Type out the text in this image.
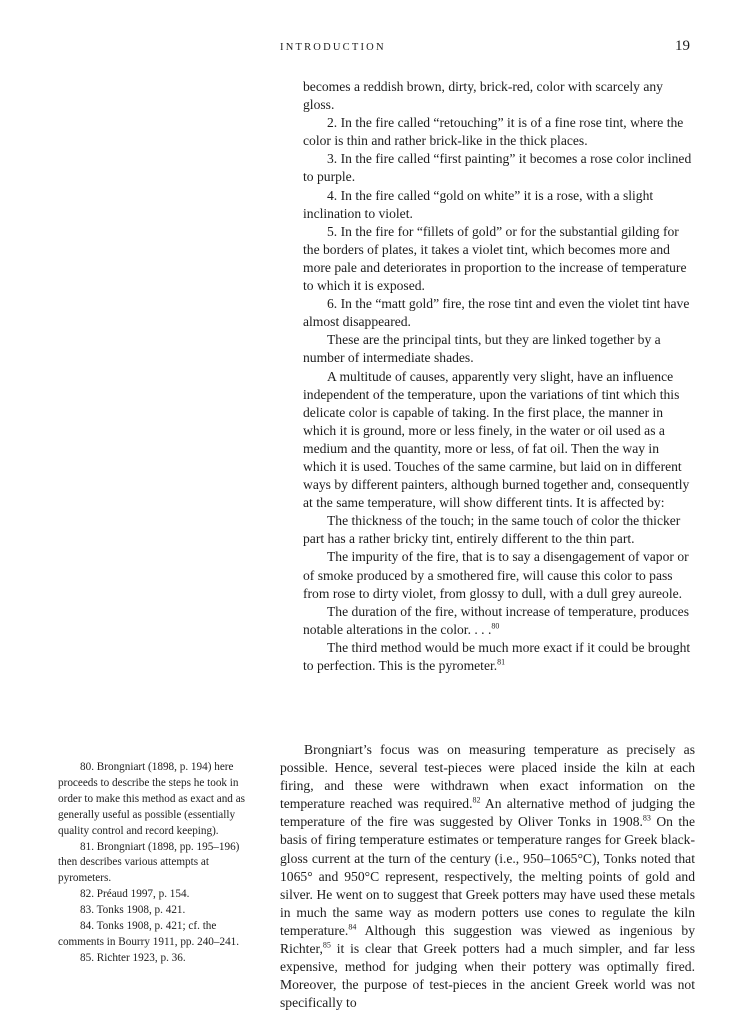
INTRODUCTION	19

becomes a reddish brown, dirty, brick-red, color with scarcely any gloss.

2. In the fire called “retouching” it is of a fine rose tint, where the color is thin and rather brick-like in the thick places.

3. In the fire called “first painting” it becomes a rose color inclined to purple.

4. In the fire called “gold on white” it is a rose, with a slight inclination to violet.

5. In the fire for “fillets of gold” or for the substantial gilding for the borders of plates, it takes a violet tint, which becomes more and more pale and deteriorates in proportion to the increase of temperature to which it is exposed.

6. In the “matt gold” fire, the rose tint and even the violet tint have almost disappeared.

These are the principal tints, but they are linked together by a number of intermediate shades.

A multitude of causes, apparently very slight, have an influence independent of the temperature, upon the variations of tint which this delicate color is capable of taking. In the first place, the manner in which it is ground, more or less finely, in the water or oil used as a medium and the quantity, more or less, of fat oil. Then the way in which it is used. Touches of the same carmine, but laid on in different ways by different painters, although burned together and, consequently at the same temperature, will show different tints. It is affected by:

The thickness of the touch; in the same touch of color the thicker part has a rather bricky tint, entirely different to the thin part.

The impurity of the fire, that is to say a disengagement of vapor or of smoke produced by a smothered fire, will cause this color to pass from rose to dirty violet, from glossy to dull, with a dull grey aureole.

The duration of the fire, without increase of temperature, produces notable alterations in the color. . . .$^{80}$

The third method would be much more exact if it could be brought to perfection. This is the pyrometer.$^{81}$

Brongniart’s focus was on measuring temperature as precisely as possible. Hence, several test-pieces were placed inside the kiln at each firing, and these were withdrawn when exact information on the temperature reached was required.$^{82}$ An alternative method of judging the temperature of the fire was suggested by Oliver Tonks in 1908.83 On the basis of firing temperature estimates or temperature ranges for Greek black-gloss current at the turn of the century (i.e., 950–1065°C), Tonks noted that 1065° and 950°C represent, respectively, the melting points of gold and silver. He went on to suggest that Greek potters may have used these metals in much the same way as modern potters use cones to regulate the kiln temperature.$^{84}$ Although this suggestion was viewed as ingenious by Richter,$^{85}$ it is clear that Greek potters had a much simpler, and far less expensive, method for judging when their pottery was optimally fired. Moreover, the purpose of test-pieces in the ancient Greek world was not specifically to

80. Brongniart (1898, p. 194) here proceeds to describe the steps he took in order to make this method as exact and as generally useful as possible (essentially quality control and record keeping).

81. Brongniart (1898, pp. 195–196) then describes various attempts at pyrometers.

82. Préaud 1997, p. 154.

83. Tonks 1908, p. 421.

84. Tonks 1908, p. 421; cf. the comments in Bourry 1911, pp. 240–241.

85. Richter 1923, p. 36.
